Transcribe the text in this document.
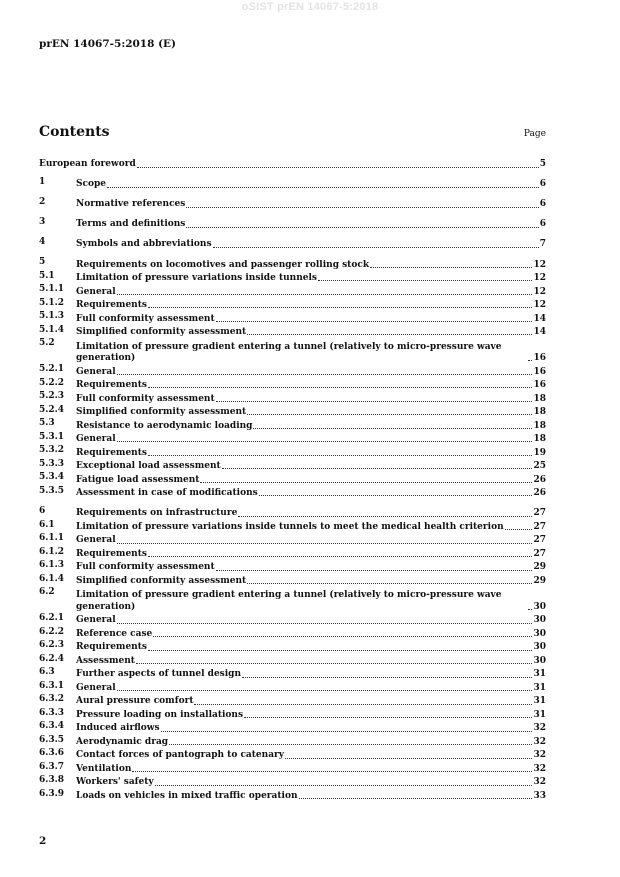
oSIST prEN 14067-5:2018
prEN 14067-5:2018 (E)
Contents	Page
European foreword	5
1	Scope	6
2	Normative references	6
3	Terms and definitions	6
4	Symbols and abbreviations	7
5	Requirements on locomotives and passenger rolling stock	12
5.1	Limitation of pressure variations inside tunnels	12
5.1.1	General	12
5.1.2	Requirements	12
5.1.3	Full conformity assessment	14
5.1.4	Simplified conformity assessment	14
5.2	Limitation of pressure gradient entering a tunnel (relatively to micro-pressure wave generation)	16
5.2.1	General	16
5.2.2	Requirements	16
5.2.3	Full conformity assessment	18
5.2.4	Simplified conformity assessment	18
5.3	Resistance to aerodynamic loading	18
5.3.1	General	18
5.3.2	Requirements	19
5.3.3	Exceptional load assessment	25
5.3.4	Fatigue load assessment	26
5.3.5	Assessment in case of modifications	26
6	Requirements on infrastructure	27
6.1	Limitation of pressure variations inside tunnels to meet the medical health criterion	27
6.1.1	General	27
6.1.2	Requirements	27
6.1.3	Full conformity assessment	29
6.1.4	Simplified conformity assessment	29
6.2	Limitation of pressure gradient entering a tunnel (relatively to micro-pressure wave generation)	30
6.2.1	General	30
6.2.2	Reference case	30
6.2.3	Requirements	30
6.2.4	Assessment	30
6.3	Further aspects of tunnel design	31
6.3.1	General	31
6.3.2	Aural pressure comfort	31
6.3.3	Pressure loading on installations	31
6.3.4	Induced airflows	32
6.3.5	Aerodynamic drag	32
6.3.6	Contact forces of pantograph to catenary	32
6.3.7	Ventilation	32
6.3.8	Workers' safety	32
6.3.9	Loads on vehicles in mixed traffic operation	33
2
